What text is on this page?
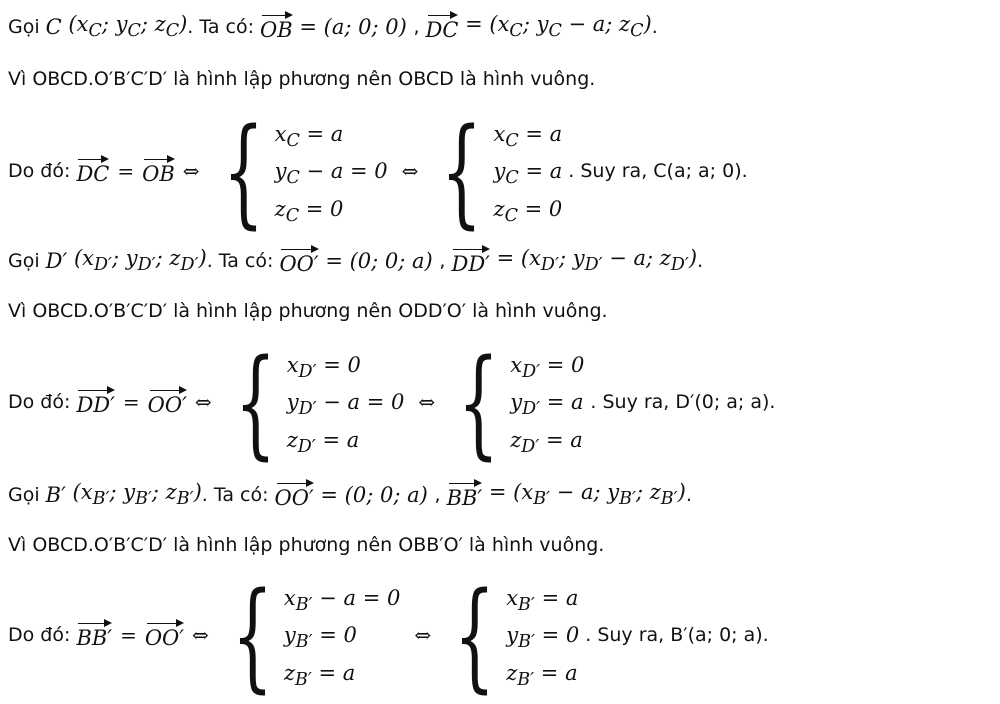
Gọi C ($x_C$; $y_C$; $z_C$) . Ta có: OB = (a; 0; 0) , DC = ($x_C$; $y_C - a$; $z_C$) .
Vì OBCD.O′B′C′D′ là hình lập phương nên OBCD là hình vuông.
Do đó:
DC = OB ⇔ { $x_C = a$
$y_C - a = 0$
$z_C = 0$
⇔ { $x_C = a$
$y_C = a$
$z_C = 0$
. Suy ra, C(a; a; 0).
Gọi D′ ($x_{D'}$; $y_{D'}$; $z_{D'}$) . Ta có: OO′ = (0; 0; a) , $DD' = (x_{D'}$; $y_{D'} - a$; $z_{D'}$) .
Vì OBCD.O′B′C′D′ là hình lập phương nên ODD′O′ là hình vuông.
Do đó:
DD′ = OO′ ⇔ { $x_{D'} = 0$
$y_{D'} - a = 0$
$z_{D'} = a$
⇔ { $x_{D'} = 0$
$y_{D'} = a$
$z_{D'} = a$
. Suy ra, D′(0; a; a).
Gọi B′ ($x_{B'}$; $y_{B'}$; $z_{B'}$) . Ta có: OO′ = (0; 0; a) , $BB' = (x_{B'} - a$; $y_{B'}$; $z_{B'}$) .
Vì OBCD.O′B′C′D′ là hình lập phương nên OBB′O′ là hình vuông.
Do đó:
BB′ = OO′ ⇔ { $x_{B'} - a = 0$
$y_{B'} = 0$
$z_{B'} = a$
⇔ { $x_{B'} = a$
$y_{B'} = 0$
$z_{B'} = a$
. Suy ra, B′(a; 0; a).
